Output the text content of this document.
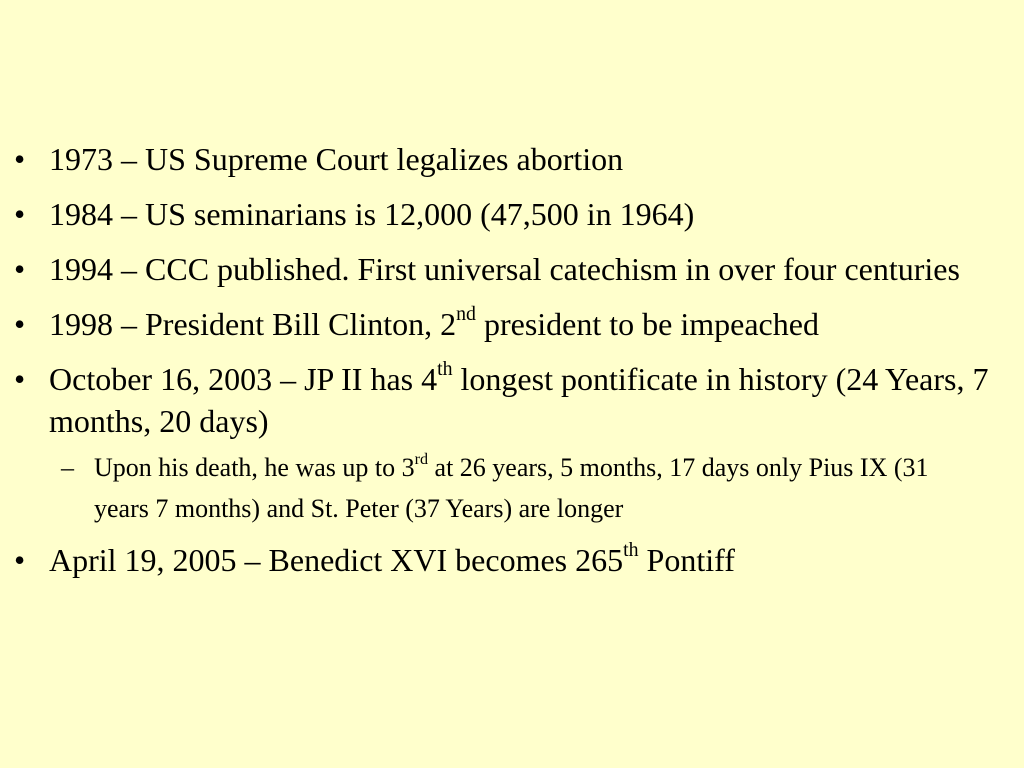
• 1973 – US Supreme Court legalizes abortion
• 1984 – US seminarians is 12,000 (47,500 in 1964)
• 1994 – CCC published. First universal catechism in over four centuries
• 1998 – President Bill Clinton, 2nd president to be impeached
• October 16, 2003 – JP II has 4th longest pontificate in history (24 Years, 7 months, 20 days)
– Upon his death, he was up to 3rd at 26 years, 5 months, 17 days only Pius IX (31 years 7 months) and St. Peter (37 Years) are longer
• April 19, 2005 – Benedict XVI becomes 265th Pontiff
